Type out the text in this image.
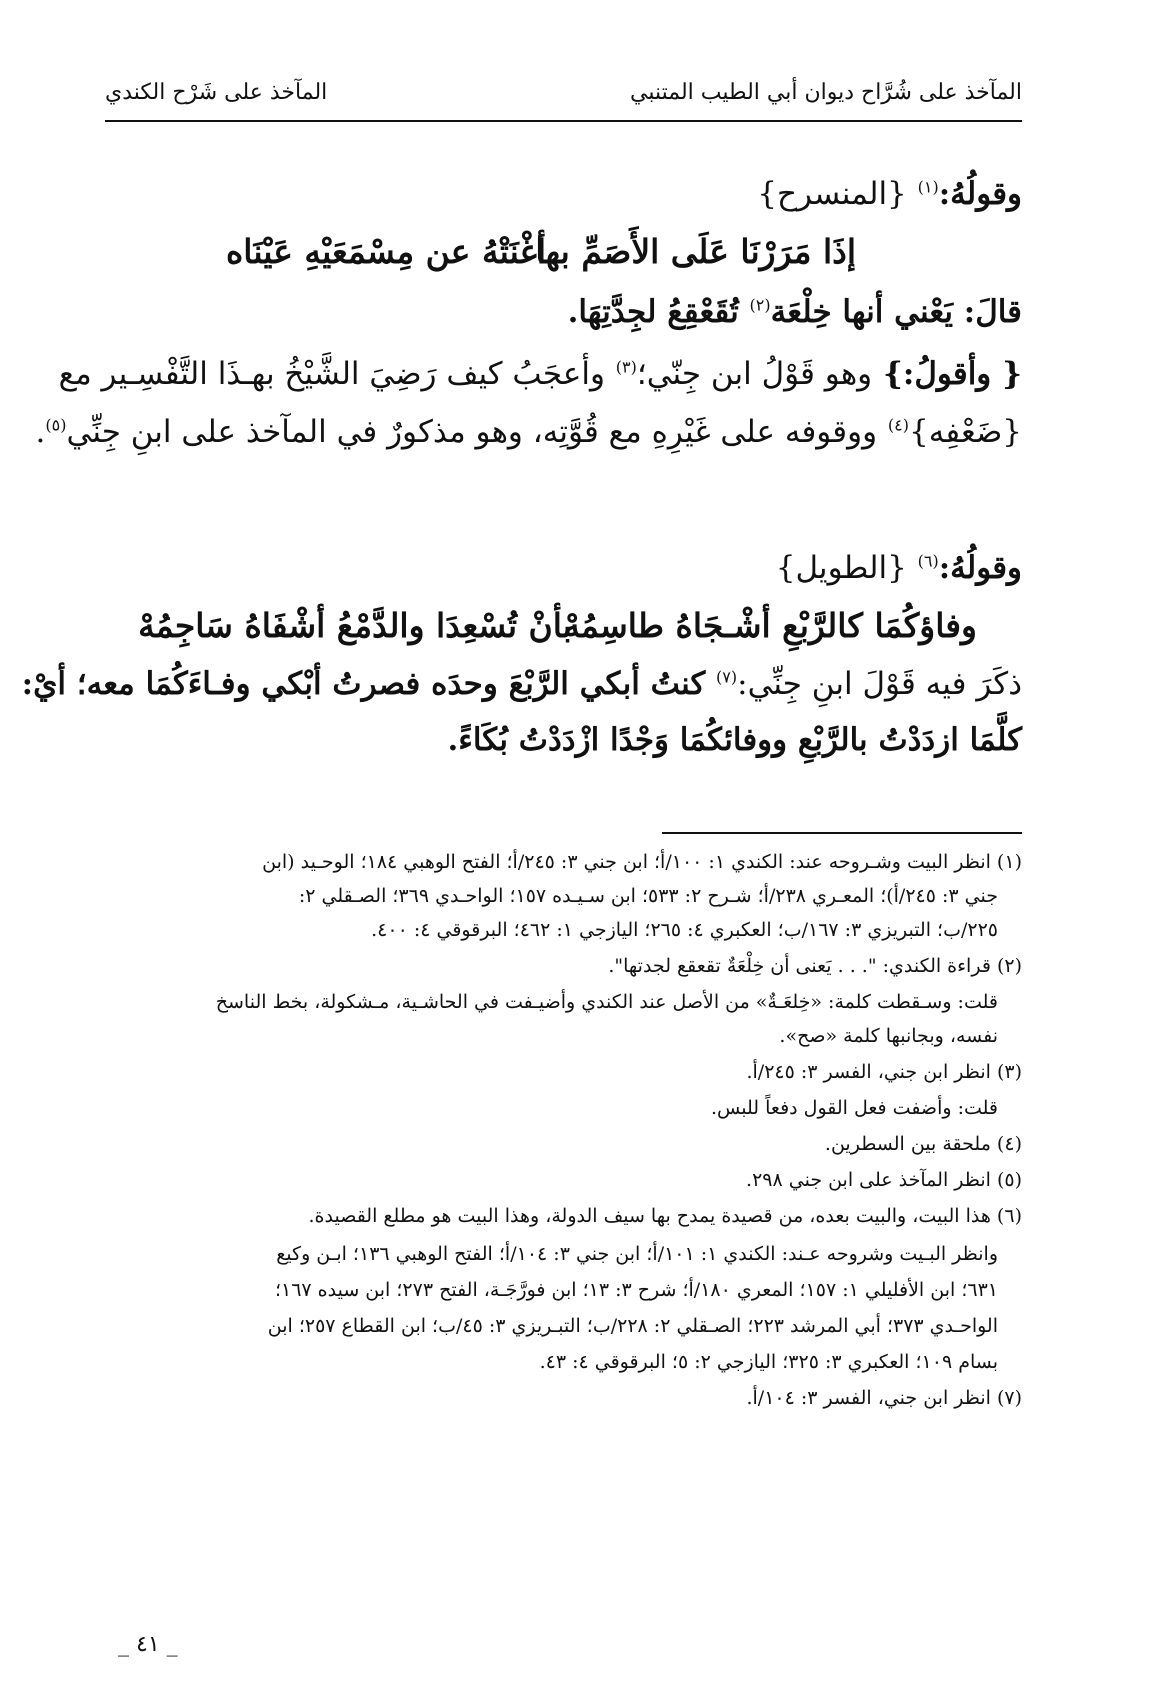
المآخذ على شُرَّاح ديوان أبي الطيب المتنبي
المآخذ على شَرْح الكندي
وقولُهُ:$^{(١)}$ {المنسرح}
إذَا مَرَرْنَا عَلَى الأَصَمِّ بها
أغْنَتْهُ عن مِسْمَعَيْهِ عَيْنَاه
قالَ: يَعْني أنها خِلْعَة$^{(٢)}$ تُقَعْقِعُ لجِدَّتِهَا.
{ وأقولُ:} وهو قَوْلُ ابن جِنّي؛$^{(٣)}$ وأعجَبُ كيف رَضِيَ الشَّيْخُ بهـذَا التَّفْسِـير مع
{ضَعْفِه}$^{(٤)}$ ووقوفه على غَيْرِهِ مع قُوَّتِه، وهو مذكورٌ في المآخذ على ابنِ جِنِّي$^{(٥)}$.
وقولُهُ:$^{(٦)}$ {الطويل}
وفاؤكُمَا كالرَّبْعِ أشْـجَاهُ طاسِمُهْ
بأنْ تُسْعِدَا والدَّمْعُ أشْفَاهُ سَاجِمُهْ
ذكَرَ فيه قَوْلَ ابنِ جِنِّي:$^{(٧)}$ كنتُ أبكي الرَّبْعَ وحدَه فصرتُ أبْكي وفـاءَكُمَا معه؛ أيْ:
كلَّمَا ازدَدْتُ بالرَّبْعِ ووفائكُمَا وَجْدًا ازْدَدْتُ بُكَاءً.
(١) انظر البيت وشـروحه عند: الكندي ١: ١٠٠/أ؛ ابن جني ٣: ٢٤٥/أ؛ الفتح الوهبي ١٨٤؛ الوحـيد (ابن
جني ٣: ٢٤٥/أ)؛ المعـري ٢٣٨/أ؛ شـرح ٢: ٥٣٣؛ ابن سـيـده ١٥٧؛ الواحـدي ٣٦٩؛ الصـقلي ٢:
٢٢٥/ب؛ التبريزي ٣: ١٦٧/ب؛ العكبري ٤: ٢٦٥؛ اليازجي ١: ٤٦٢؛ البرقوقي ٤: ٤٠٠.
(٢) قراءة الكندي: ". . . يَعنى أن خِلْعَةٌ تقعقع لجدتها".
قلت: وسـقطت كلمة: «خِلعَـةٌ» من الأصل عند الكندي وأضيـفت في الحاشـية، مـشكولة، بخط الناسخ
نفسه، وبجانبها كلمة «صح».
(٣) انظر ابن جني، الفسر ٣: ٢٤٥/أ.
قلت: وأضفت فعل القول دفعاً للبس.
(٤) ملحقة بين السطرين.
(٥) انظر المآخذ على ابن جني ٢٩٨.
(٦) هذا البيت، والبيت بعده، من قصيدة يمدح بها سيف الدولة، وهذا البيت هو مطلع القصيدة.
وانظر البـيت وشروحه عـند: الكندي ١: ١٠١/أ؛ ابن جني ٣: ١٠٤/أ؛ الفتح الوهبي ١٣٦؛ ابـن وكيع
٦٣١؛ ابن الأفليلي ١: ١٥٧؛ المعري ١٨٠/أ؛ شرح ٣: ١٣؛ ابن فورَّجَـة، الفتح ٢٧٣؛ ابن سيده ١٦٧؛
الواحـدي ٣٧٣؛ أبي المرشد ٢٢٣؛ الصـقلي ٢: ٢٢٨/ب؛ التبـريزي ٣: ٤٥/ب؛ ابن القطاع ٢٥٧؛ ابن
بسام ١٠٩؛ العكبري ٣: ٣٢٥؛ اليازجي ٢: ٥؛ البرقوقي ٤: ٤٣.
(٧) انظر ابن جني، الفسر ٣: ١٠٤/أ.
_ ٤١ _
